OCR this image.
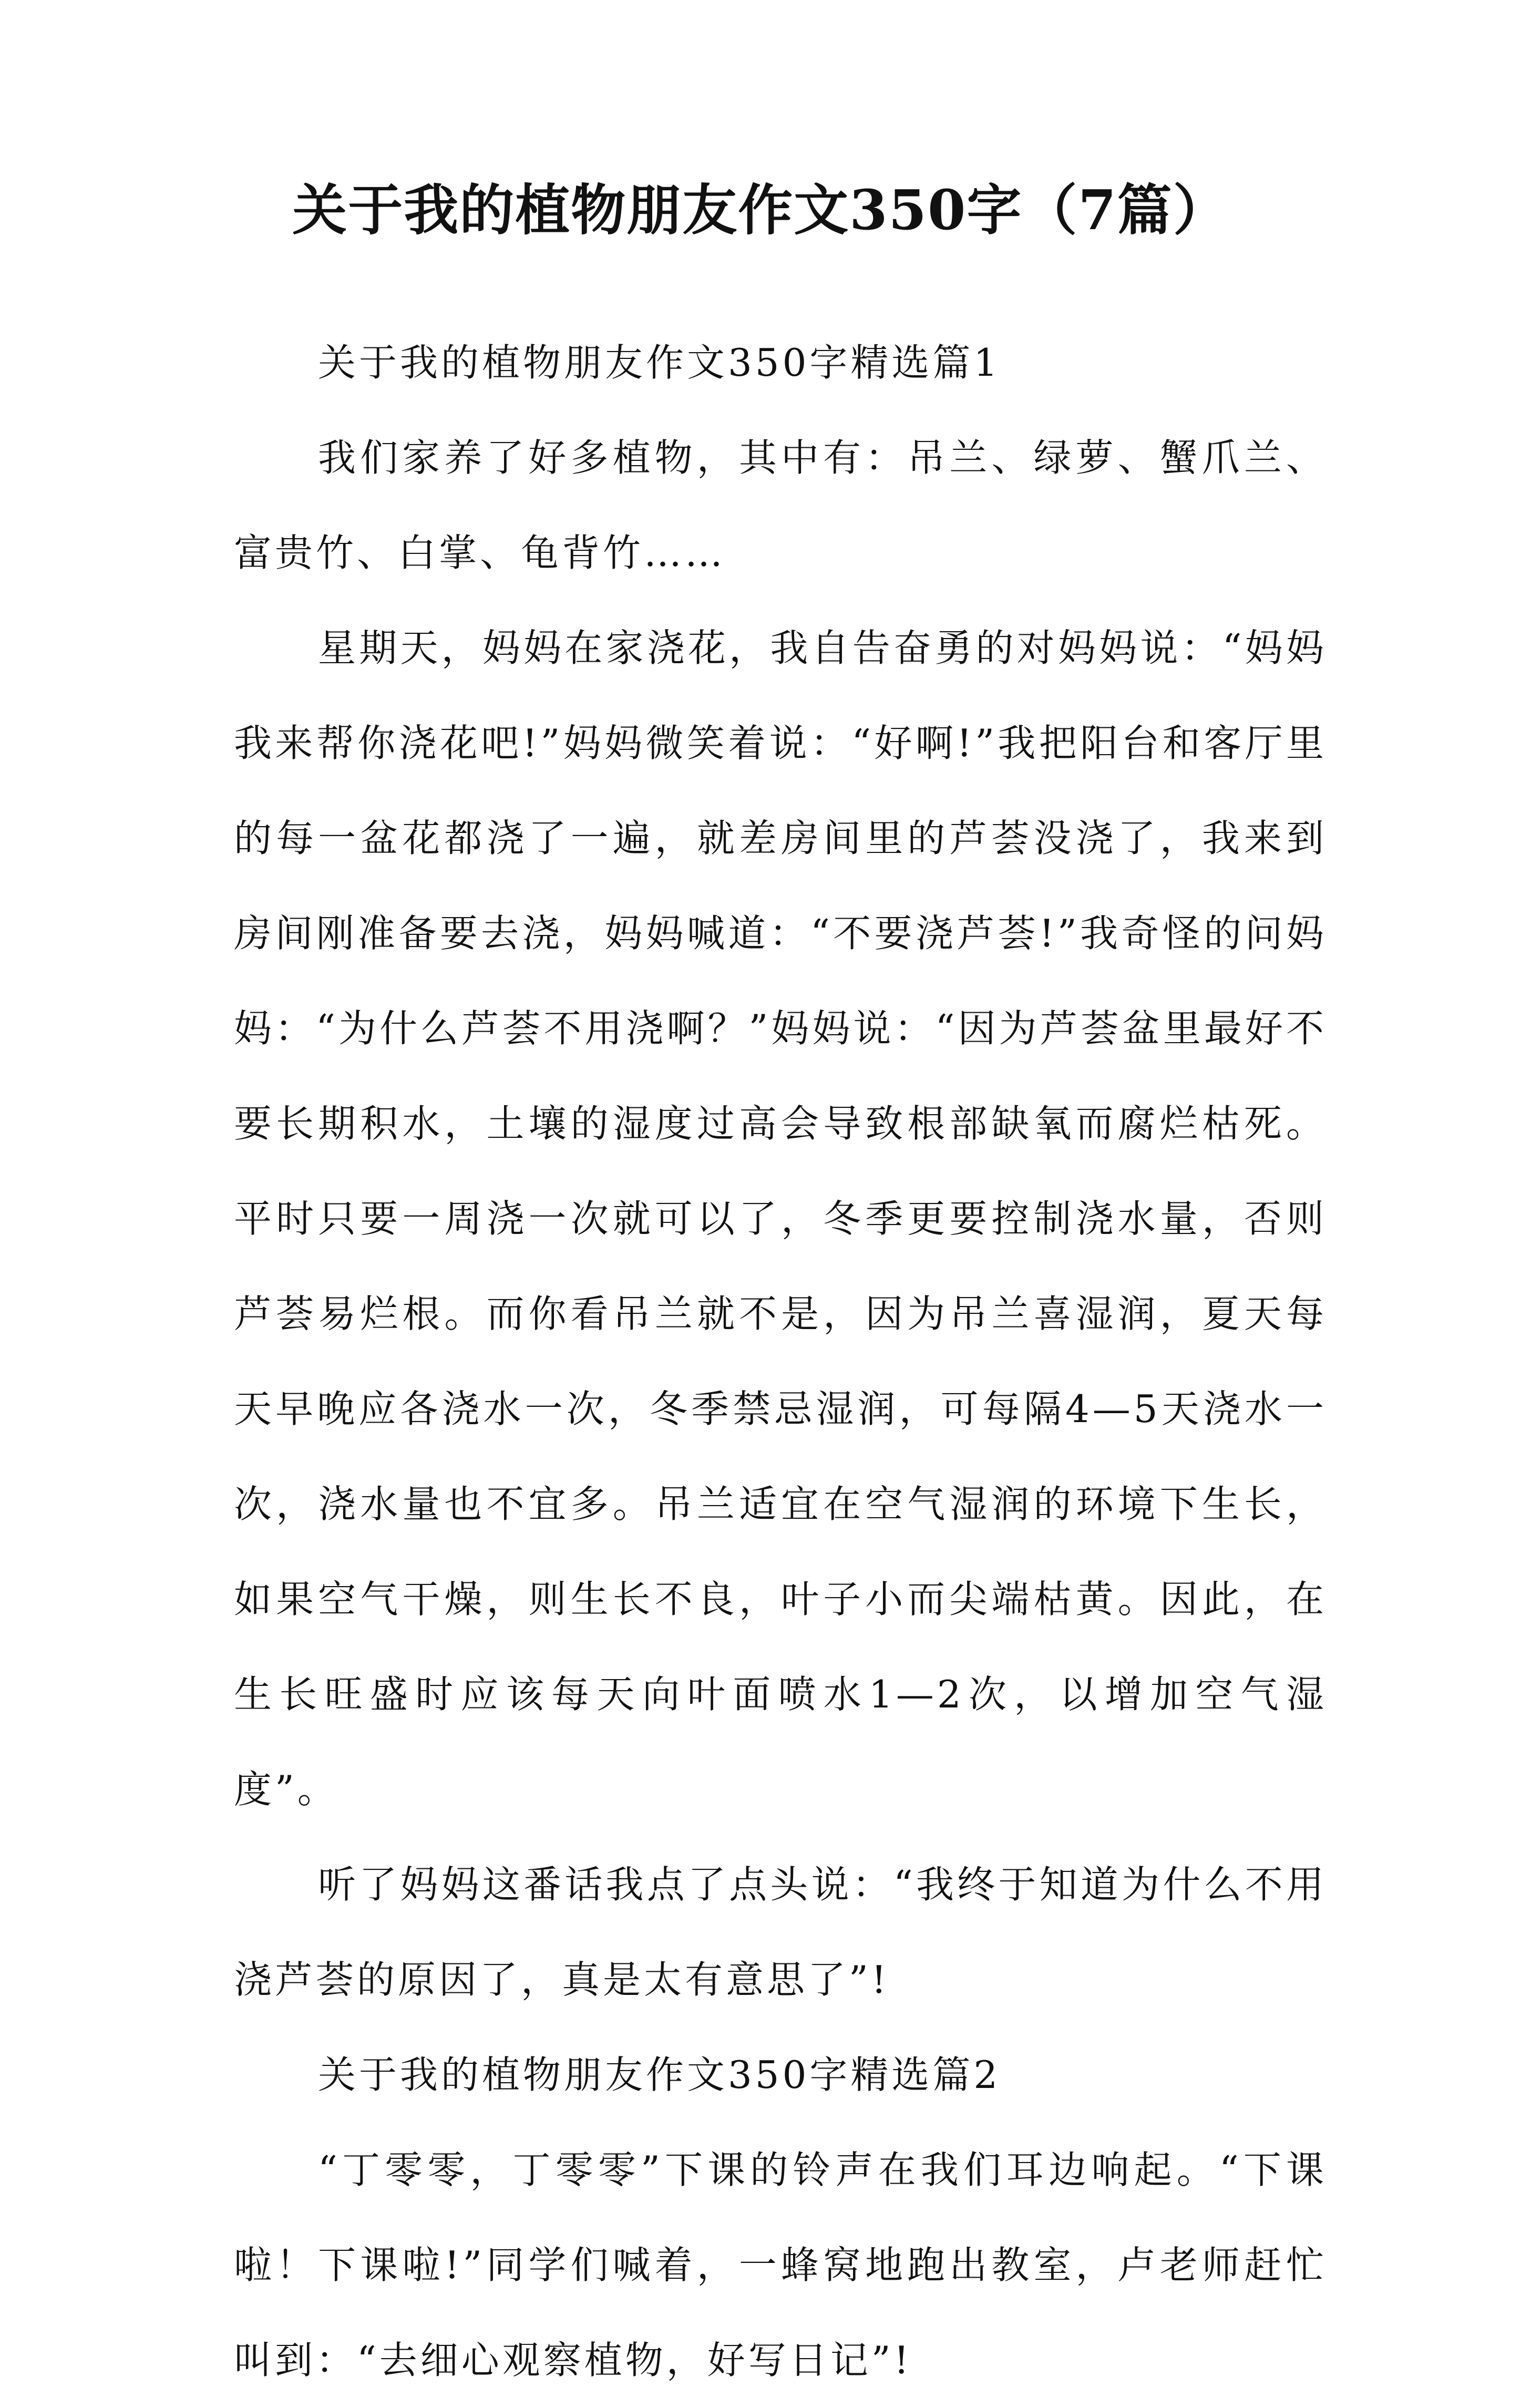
关于我的植物朋友作文350字（7篇）

关于我的植物朋友作文350字精选篇1

我们家养了好多植物，其中有：吊兰、绿萝、蟹爪兰、富贵竹、白掌、龟背竹……

星期天，妈妈在家浇花，我自告奋勇的对妈妈说：“妈妈我来帮你浇花吧!”妈妈微笑着说：“好啊!”我把阳台和客厅里的每一盆花都浇了一遍，就差房间里的芦荟没浇了，我来到房间刚准备要去浇，妈妈喊道：“不要浇芦荟!”我奇怪的问妈妈：“为什么芦荟不用浇啊？”妈妈说：“因为芦荟盆里最好不要长期积水，土壤的湿度过高会导致根部缺氧而腐烂枯死。平时只要一周浇一次就可以了，冬季更要控制浇水量，否则芦荟易烂根。而你看吊兰就不是，因为吊兰喜湿润，夏天每天早晚应各浇水一次，冬季禁忌湿润，可每隔4—5天浇水一次，浇水量也不宜多。吊兰适宜在空气湿润的环境下生长，如果空气干燥，则生长不良，叶子小而尖端枯黄。因此，在生长旺盛时应该每天向叶面喷水1—2次，以增加空气湿度”。

听了妈妈这番话我点了点头说：“我终于知道为什么不用浇芦荟的原因了，真是太有意思了”!

关于我的植物朋友作文350字精选篇2

“丁零零，丁零零”下课的铃声在我们耳边响起。“下课啦！下课啦!”同学们喊着，一蜂窝地跑出教室，卢老师赶忙叫到：“去细心观察植物，好写日记”!
